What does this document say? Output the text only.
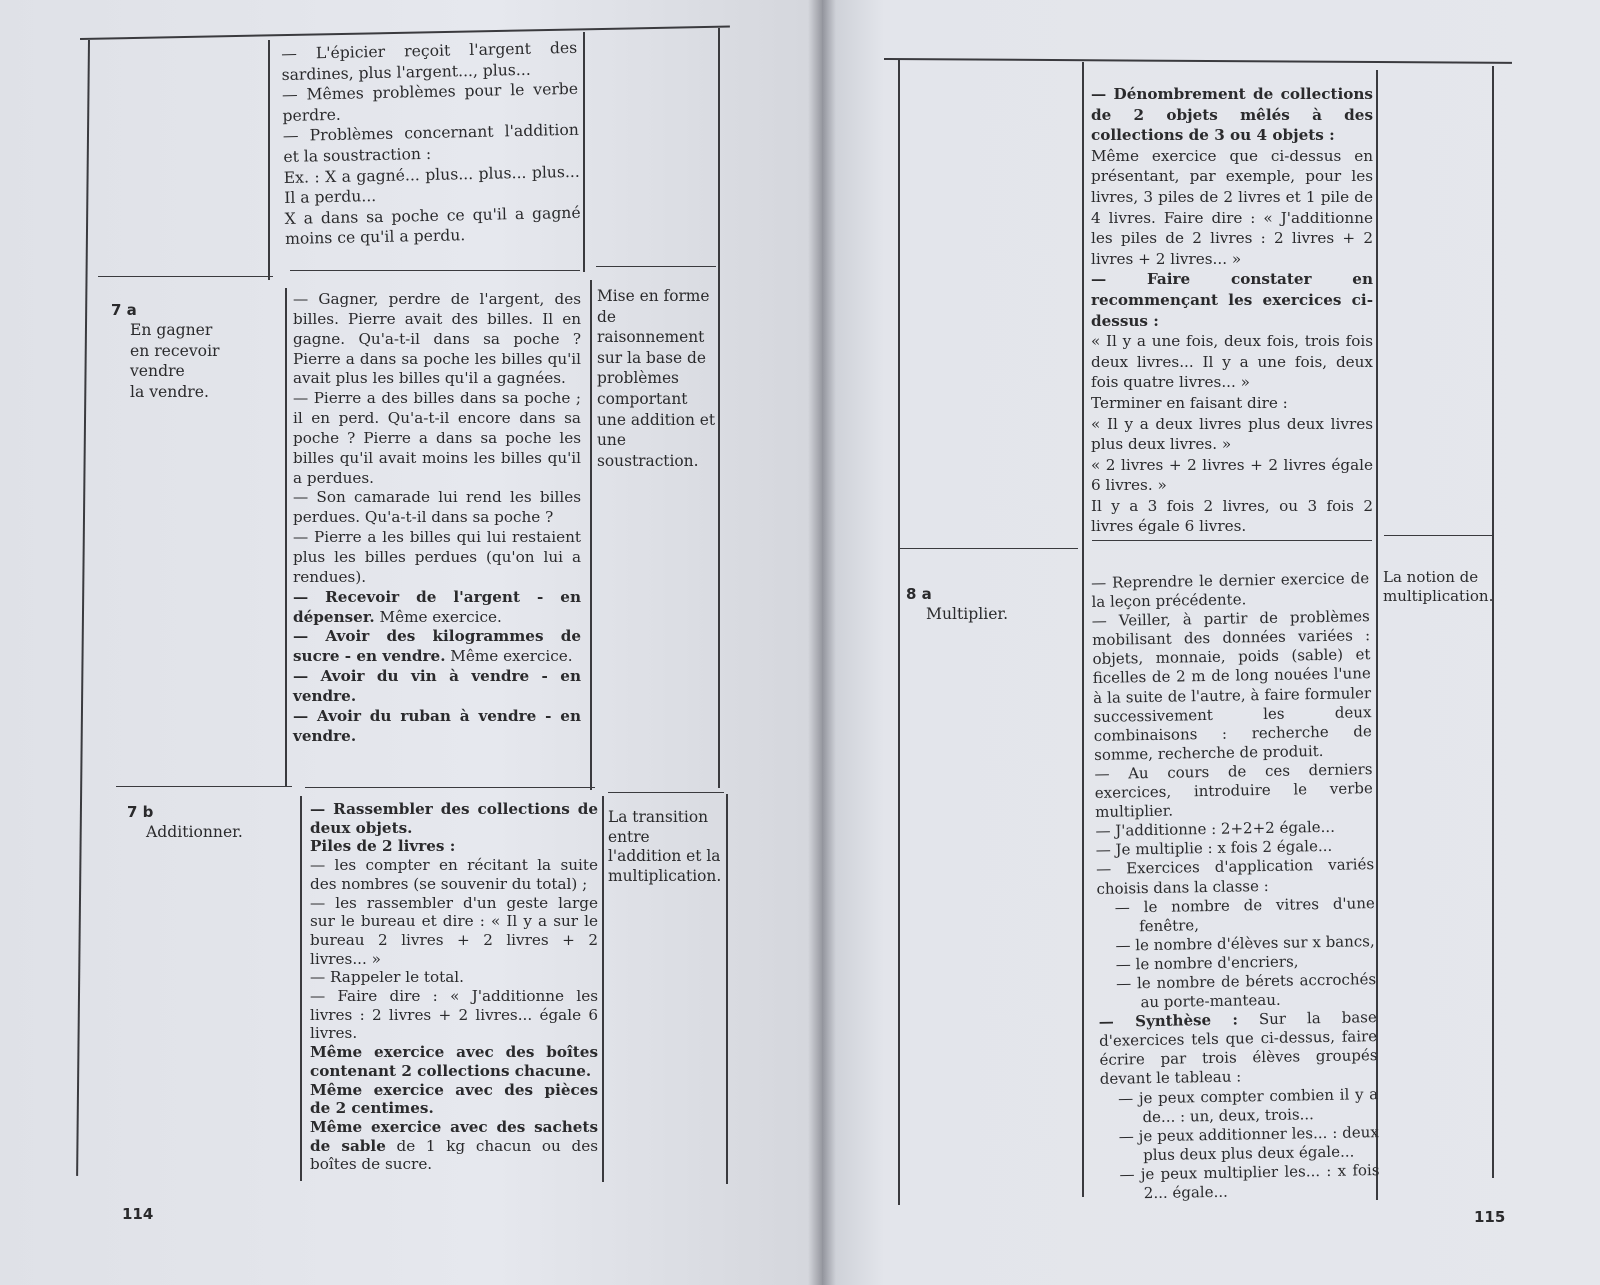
— L'épicier reçoit l'argent des sardines, plus l'argent..., plus...

— Mêmes problèmes pour le verbe perdre.

— Problèmes concernant l'addition et la soustraction :

Ex. : X a gagné... plus... plus... plus... Il a perdu...

X a dans sa poche ce qu'il a gagné moins ce qu'il a perdu.

7 a
En gagner
en recevoir
vendre
la vendre.

— Gagner, perdre de l'argent, des billes. Pierre avait des billes. Il en gagne. Qu'a-t-il dans sa poche ? Pierre a dans sa poche les billes qu'il avait plus les billes qu'il a gagnées.

— Pierre a des billes dans sa poche ; il en perd. Qu'a-t-il encore dans sa poche ? Pierre a dans sa poche les billes qu'il avait moins les billes qu'il a perdues.

— Son camarade lui rend les billes perdues. Qu'a-t-il dans sa poche ?

— Pierre a les billes qui lui restaient plus les billes perdues (qu'on lui a rendues).

— Recevoir de l'argent - en dépenser. Même exercice.

— Avoir des kilogrammes de sucre - en vendre. Même exercice.

— Avoir du vin à vendre - en vendre.

— Avoir du ruban à vendre - en vendre.

Mise en forme de raisonnement sur la base de problèmes comportant une addition et une soustraction.

7 b
Additionner.

— Rassembler des collections de deux objets.

Piles de 2 livres :

— les compter en récitant la suite des nombres (se souvenir du total) ;

— les rassembler d'un geste large sur le bureau et dire : « Il y a sur le bureau 2 livres + 2 livres + 2 livres... »

— Rappeler le total.

— Faire dire : « J'additionne les livres : 2 livres + 2 livres... égale 6 livres.

Même exercice avec des boîtes contenant 2 collections chacune.

Même exercice avec des pièces de 2 centimes.

Même exercice avec des sachets de sable de 1 kg chacun ou des boîtes de sucre.

La transition entre l'addition et la multiplication.

114

— Dénombrement de collections de 2 objets mêlés à des collections de 3 ou 4 objets :

Même exercice que ci-dessus en présentant, par exemple, pour les livres, 3 piles de 2 livres et 1 pile de 4 livres. Faire dire : « J'additionne les piles de 2 livres : 2 livres + 2 livres + 2 livres... »

— Faire constater en recommençant les exercices ci-dessus :

« Il y a une fois, deux fois, trois fois deux livres... Il y a une fois, deux fois quatre livres... »

Terminer en faisant dire :

« Il y a deux livres plus deux livres plus deux livres. »

« 2 livres + 2 livres + 2 livres égale 6 livres. »

Il y a 3 fois 2 livres, ou 3 fois 2 livres égale 6 livres.

8 a
Multiplier.

— Reprendre le dernier exercice de la leçon précédente.

— Veiller, à partir de problèmes mobilisant des données variées : objets, monnaie, poids (sable) et ficelles de 2 m de long nouées l'une à la suite de l'autre, à faire formuler successivement les deux combinaisons : recherche de somme, recherche de produit.

— Au cours de ces derniers exercices, introduire le verbe multiplier.

— J'additionne : 2+2+2 égale...

— Je multiplie : x fois 2 égale...

— Exercices d'application variés choisis dans la classe :

— le nombre de vitres d'une fenêtre,

— le nombre d'élèves sur x bancs,

— le nombre d'encriers,

— le nombre de bérets accrochés au porte-manteau.

— Synthèse : Sur la base d'exercices tels que ci-dessus, faire écrire par trois élèves groupés devant le tableau :

— je peux compter combien il y a de... : un, deux, trois...

— je peux additionner les... : deux plus deux plus deux égale...

— je peux multiplier les... : x fois 2... égale...

La notion de multiplication.

115
